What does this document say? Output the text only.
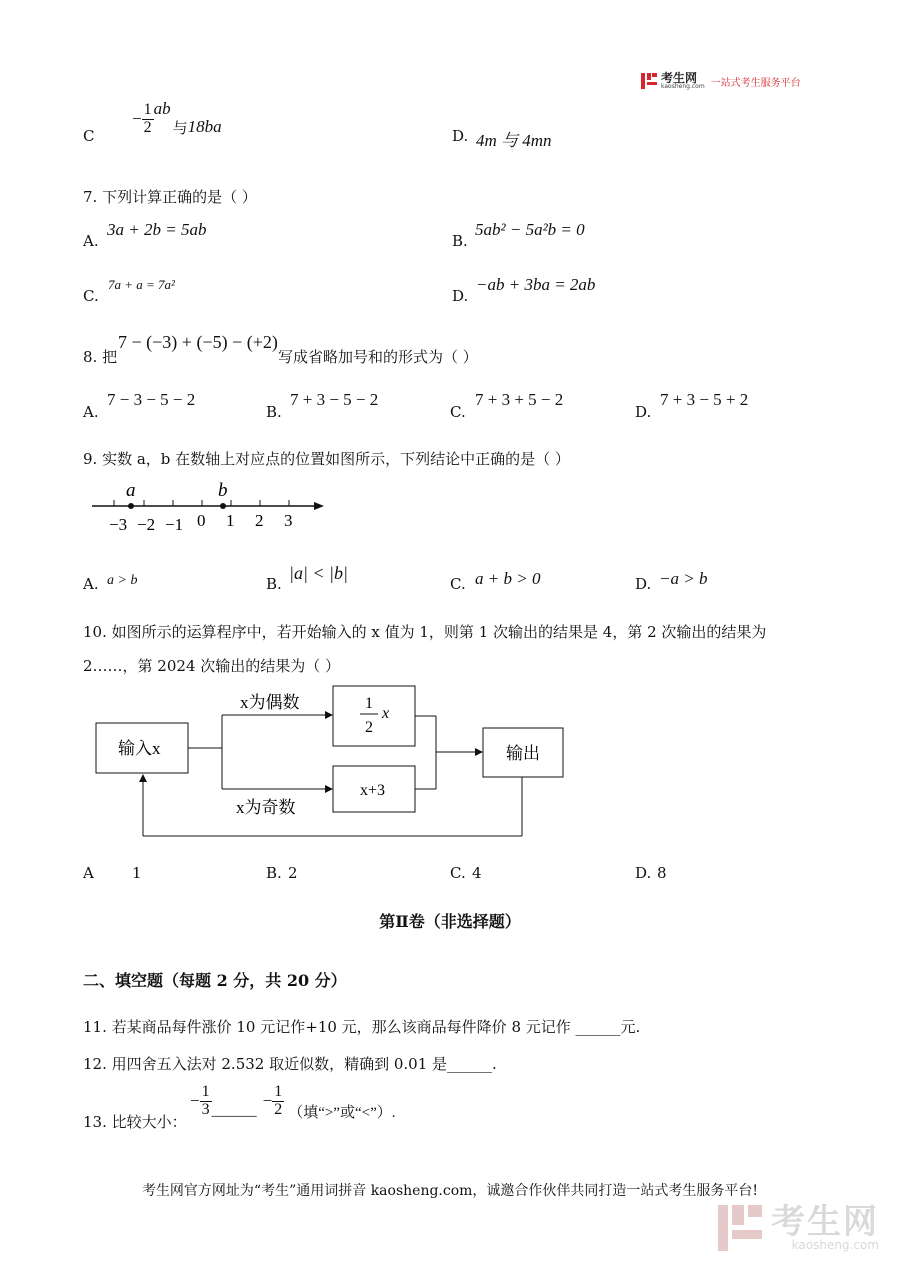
考生网
kaosheng.com 一站式考生服务平台
C
− $\frac{1}{2}$ ab
与 18ba	D. 4m 与 4mn
7. 下列计算正确的是（ ）
A.
3a + 2b = 5ab
B.
5ab² − 5a²b = 0
C.
7a + a = 7a²
D.
−ab + 3ba = 2ab
8. 把
7 − (−3) + (−5) − (+2)
写成省略加号和的形式为（ ）
A.
7 − 3 − 5 − 2
B.
7 + 3 − 5 − 2
C.
7 + 3 + 5 − 2
D.
7 + 3 − 5 + 2
9. 实数 a，b 在数轴上对应点的位置如图所示，下列结论中正确的是（ ）
−3 −2 −1 0 1 2 3
a	b
A. a > b	B.
|a| < |b|
C. a + b > 0	D. −a > b
10. 如图所示的运算程序中，若开始输入的 x 值为 1，则第 1 次输出的结果是 4，第 2 次输出的结果为
2……，第 2024 次输出的结果为（ ）
输入x
x为偶数
x为奇数
1
2
x
x+3
输出
A	1	B. 2	C. 4	D. 8
第Ⅱ卷（非选择题）
二、填空题（每题 2 分，共 20 分）
11. 若某商品每件涨价 10 元记作+10 元，那么该商品每件降价 8 元记作 ______元.
12. 用四舍五入法对 2.532 取近似数，精确到 0.01 是______.
13. 比较大小：
− $\frac{1}{3}$ ______
− $\frac{1}{2}$ （填“>”或“<”）.
考生网官方网址为“考生”通用词拼音 kaosheng.com，诚邀合作伙伴共同打造一站式考生服务平台!
考生网
kaosheng.com
